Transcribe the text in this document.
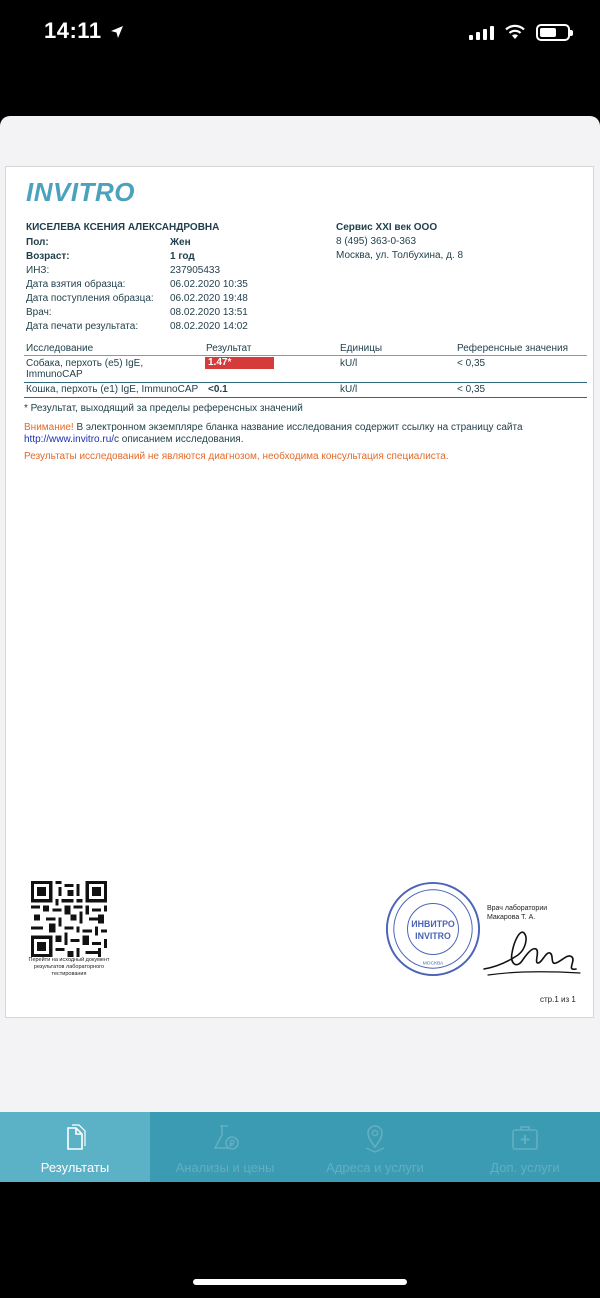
14:11
INVITRO
КИСЕЛЕВА КСЕНИЯ АЛЕКСАНДРОВНА
Пол:	Жен
Возраст:	1 год
ИНЗ:	237905433
Дата взятия образца:	06.02.2020 10:35
Дата поступления образца: 06.02.2020 19:48
Врач:	08.02.2020 13:51
Дата печати результата:	08.02.2020 14:02
Сервис XXI век ООО
8 (495) 363-0-363
Москва, ул. Толбухина, д. 8
Исследование	Результат	Единицы	Референсные значения
Собака, перхоть (e5) IgE,
ImmunoCAP
1.47*	kU/l	< 0,35
Кошка, перхоть (e1) IgE, ImmunoCAP <0.1	kU/l	< 0,35
* Результат, выходящий за пределы референсных значений
Внимание! В электронном экземпляре бланка название исследования содержит ссылку на страницу сайта
http://www.invitro.ru/с описанием исследования.
Результаты исследований не являются диагнозом, необходима консультация специалиста.
Перейти на исходный документ результатов лабораторного тестирования
ИНВИТРО
INVITRO
МОСКВА
Врач лаборатории
Макарова Т. А.
стр.1 из 1
Результаты
₽
Анализы и цены	Адреса и услуги	Доп. услуги
